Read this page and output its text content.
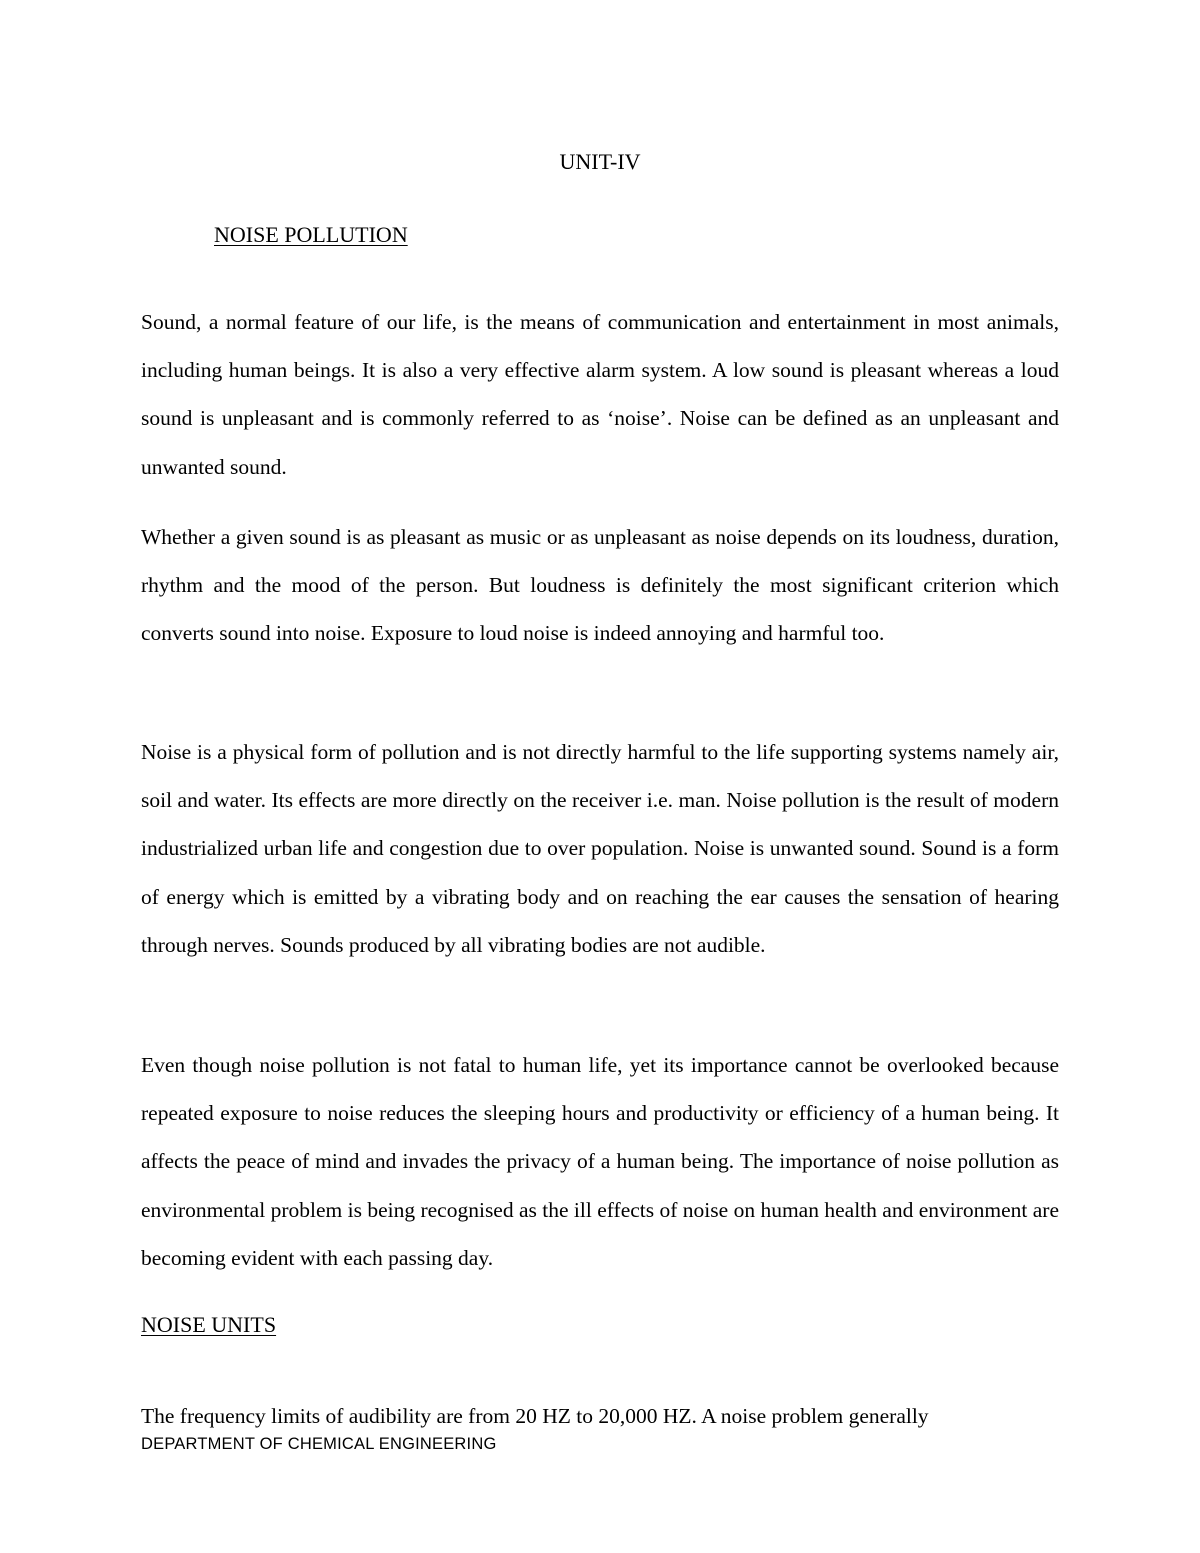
UNIT-IV
NOISE POLLUTION

Sound, a normal feature of our life, is the means of communication and entertainment in most animals, including human beings. It is also a very effective alarm system. A low sound is pleasant whereas a loud sound is unpleasant and is commonly referred to as ‘noise’. Noise can be defined as an unpleasant and unwanted sound.

Whether a given sound is as pleasant as music or as unpleasant as noise depends on its loudness, duration, rhythm and the mood of the person. But loudness is definitely the most significant criterion which converts sound into noise. Exposure to loud noise is indeed annoying and harmful too.

Noise is a physical form of pollution and is not directly harmful to the life supporting systems namely air, soil and water. Its effects are more directly on the receiver i.e. man. Noise pollution is the result of modern industrialized urban life and congestion due to over population. Noise is unwanted sound. Sound is a form of energy which is emitted by a vibrating body and on reaching the ear causes the sensation of hearing through nerves. Sounds produced by all vibrating bodies are not audible.

Even though noise pollution is not fatal to human life, yet its importance cannot be overlooked because repeated exposure to noise reduces the sleeping hours and productivity or efficiency of a human being. It affects the peace of mind and invades the privacy of a human being. The importance of noise pollution as environmental problem is being recognised as the ill effects of noise on human health and environment are becoming evident with each passing day.

NOISE UNITS

The frequency limits of audibility are from 20 HZ to 20,000 HZ. A noise problem generally

DEPARTMENT OF CHEMICAL ENGINEERING
